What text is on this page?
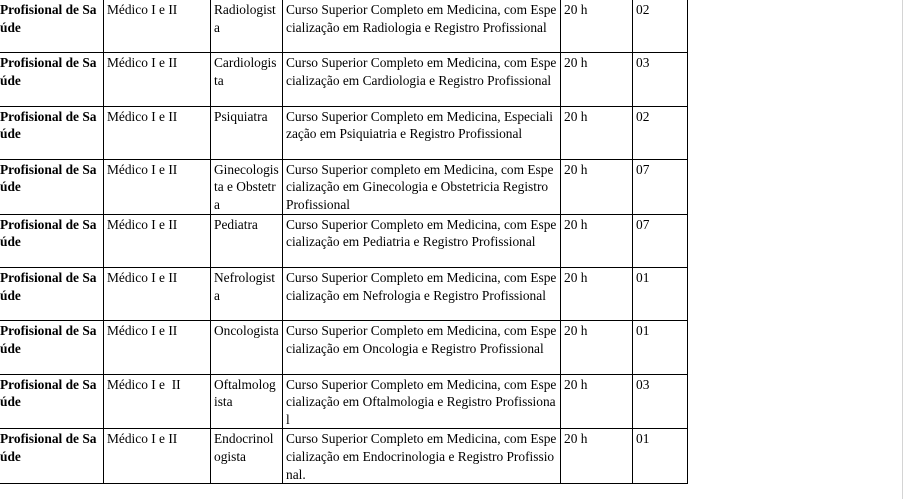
Profisional de Saúde	Médico I e II	Radiologista	Curso Superior Completo em Medicina, com Especialização em Radiologia e Registro Profissional	20 h	02
Profisional de Saúde	Médico I e II	Cardiologista	Curso Superior Completo em Medicina, com Especialização em Cardiologia e Registro Profissional	20 h	03
Profisional de Saúde	Médico I e II	Psiquiatra	Curso Superior Completo em Medicina, Especialização em Psiquiatria e Registro Profissional	20 h	02
Profisional de Saúde	Médico I e II	Ginecologista e Obstetra	Curso Superior completo em Medicina, com Especialização em Ginecologia e Obstetricia Registro Profissional	20 h	07
Profisional de Saúde	Médico I e II	Pediatra	Curso Superior Completo em Medicina, com Especialização em Pediatria e Registro Profissional	20 h	07
Profisional de Saúde	Médico I e II	Nefrologista	Curso Superior Completo em Medicina, com Especialização em Nefrologia e Registro Profissional	20 h	01
Profisional de Saúde	Médico I e II	Oncologista	Curso Superior Completo em Medicina, com Especialização em Oncologia e Registro Profissional	20 h	01
Profisional de Saúde	Médico I e  II	Oftalmologista	Curso Superior Completo em Medicina, com Especialização em Oftalmologia e Registro Profissional	20 h	03
Profisional de Saúde	Médico I e II	Endocrinologista	Curso Superior Completo em Medicina, com Especialização em Endocrinologia e Registro Profissional.	20 h	01
